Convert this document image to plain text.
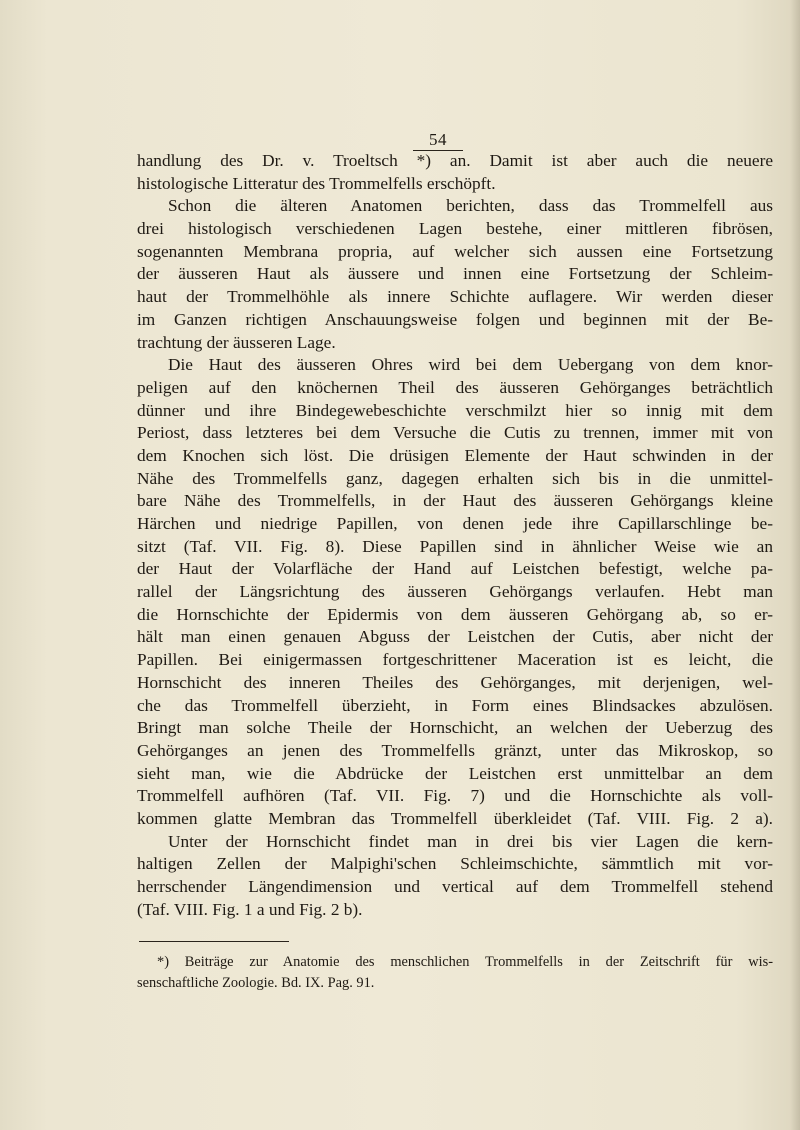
54
handlung des Dr. v. Troeltsch *) an. Damit ist aber auch die neuere
histologische Litteratur des Trommelfells erschöpft.
Schon die älteren Anatomen berichten, dass das Trommelfell aus
drei histologisch verschiedenen Lagen bestehe, einer mittleren fibrösen,
sogenannten Membrana propria, auf welcher sich aussen eine Fortsetzung
der äusseren Haut als äussere und innen eine Fortsetzung der Schleim-
haut der Trommelhöhle als innere Schichte auflagere. Wir werden dieser
im Ganzen richtigen Anschauungsweise folgen und beginnen mit der Be-
trachtung der äusseren Lage.
Die Haut des äusseren Ohres wird bei dem Uebergang von dem knor-
peligen auf den knöchernen Theil des äusseren Gehörganges beträchtlich
dünner und ihre Bindegewebeschichte verschmilzt hier so innig mit dem
Periost, dass letzteres bei dem Versuche die Cutis zu trennen, immer mit von
dem Knochen sich löst. Die drüsigen Elemente der Haut schwinden in der
Nähe des Trommelfells ganz, dagegen erhalten sich bis in die unmittel-
bare Nähe des Trommelfells, in der Haut des äusseren Gehörgangs kleine
Härchen und niedrige Papillen, von denen jede ihre Capillarschlinge be-
sitzt (Taf. VII. Fig. 8). Diese Papillen sind in ähnlicher Weise wie an
der Haut der Volarfläche der Hand auf Leistchen befestigt, welche pa-
rallel der Längsrichtung des äusseren Gehörgangs verlaufen. Hebt man
die Hornschichte der Epidermis von dem äusseren Gehörgang ab, so er-
hält man einen genauen Abguss der Leistchen der Cutis, aber nicht der
Papillen. Bei einigermassen fortgeschrittener Maceration ist es leicht, die
Hornschicht des inneren Theiles des Gehörganges, mit derjenigen, wel-
che das Trommelfell überzieht, in Form eines Blindsackes abzulösen.
Bringt man solche Theile der Hornschicht, an welchen der Ueberzug des
Gehörganges an jenen des Trommelfells gränzt, unter das Mikroskop, so
sieht man, wie die Abdrücke der Leistchen erst unmittelbar an dem
Trommelfell aufhören (Taf. VII. Fig. 7) und die Hornschichte als voll-
kommen glatte Membran das Trommelfell überkleidet (Taf. VIII. Fig. 2 a).
Unter der Hornschicht findet man in drei bis vier Lagen die kern-
haltigen Zellen der Malpighi'schen Schleimschichte, sämmtlich mit vor-
herrschender Längendimension und vertical auf dem Trommelfell stehend
(Taf. VIII. Fig. 1 a und Fig. 2 b).
*) Beiträge zur Anatomie des menschlichen Trommelfells in der Zeitschrift für wis-
senschaftliche Zoologie. Bd. IX. Pag. 91.
